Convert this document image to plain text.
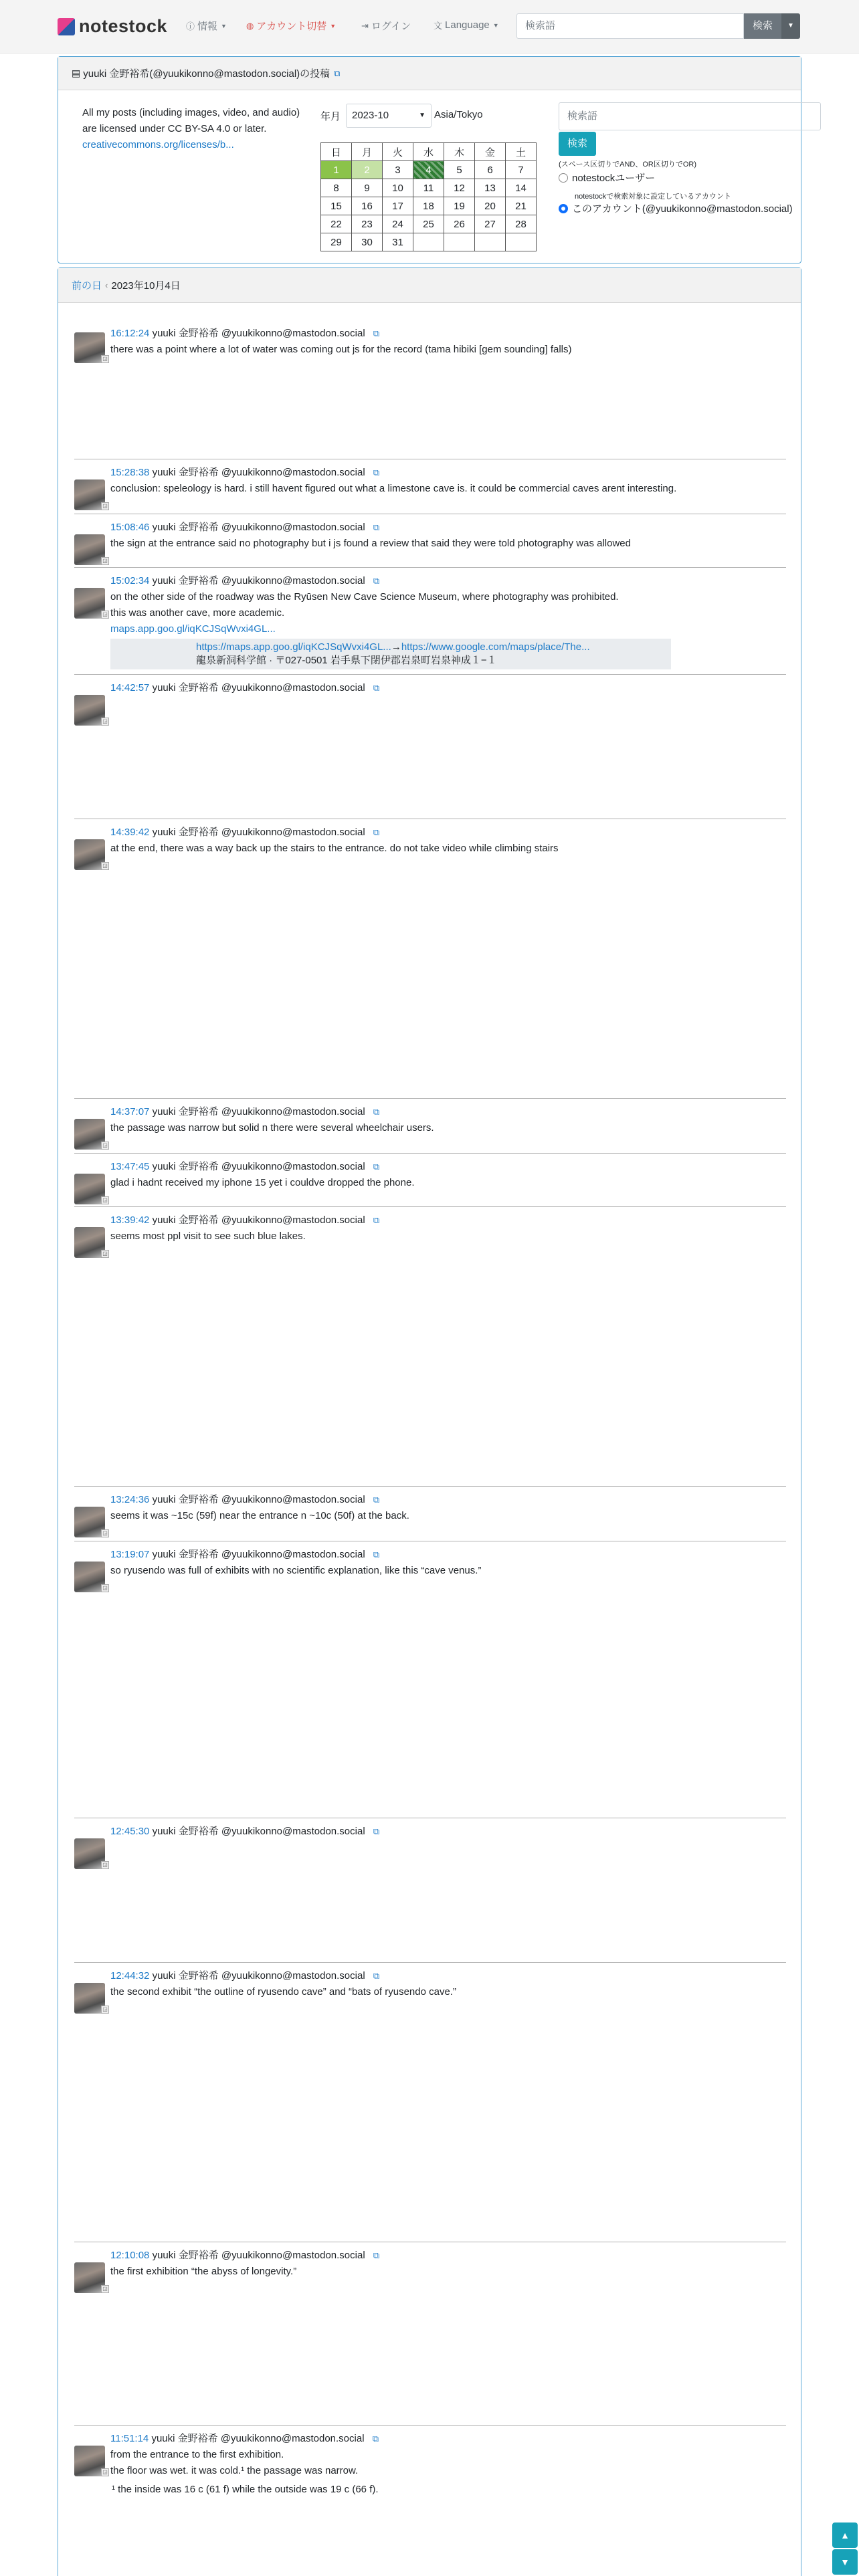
notestock ⓘ 情報 ▼ ◍ アカウント切替 ▼	⇥ ログイン	文 Language ▼	検索語	検索	▼
▤ yuuki 金野裕希(@yuukikonno@mastodon.social)の投稿 ⧉
All my posts (including images, video, and audio) are licensed under CC BY-SA 4.0 or later. creativecommons.org/licenses/b...
年月	2023-10	▼ Asia/Tokyo
日	月	火	水	木	金	土
1	2	3	4	5	6	7
8	9	10	11	12	13	14
15	16	17	18	19	20	21
22	23	24	25	26	27	28
29	30	31				
検索語
検索
(スペース区切りでAND、OR区切りでOR)
notestockユーザー
notestockで検索対象に設定しているアカウント
このアカウント(@yuukikonno@mastodon.social)
前の日 ‹ 2023年10月4日
◲
16:12:24 yuuki 金野裕希 @yuukikonno@mastodon.social ⧉
there was a point where a lot of water was coming out js for the record (tama hibiki [gem sounding] falls)
◲
15:28:38 yuuki 金野裕希 @yuukikonno@mastodon.social ⧉
conclusion: speleology is hard. i still havent figured out what a limestone cave is. it could be commercial caves arent interesting.
◲
15:08:46 yuuki 金野裕希 @yuukikonno@mastodon.social ⧉
the sign at the entrance said no photography but i js found a review that said they were told photography was allowed
◲
15:02:34 yuuki 金野裕希 @yuukikonno@mastodon.social ⧉
on the other side of the roadway was the Ryūsen New Cave Science Museum, where photography was prohibited.
this was another cave, more academic.
maps.app.goo.gl/iqKCJSqWvxi4GL...
https://maps.app.goo.gl/iqKCJSqWvxi4GL...→https://www.google.com/maps/place/The...
龍泉新洞科学館 · 〒027-0501 岩手県下閉伊郡岩泉町岩泉神成１−１
◲
14:42:57 yuuki 金野裕希 @yuukikonno@mastodon.social ⧉
◲
14:39:42 yuuki 金野裕希 @yuukikonno@mastodon.social ⧉
at the end, there was a way back up the stairs to the entrance. do not take video while climbing stairs
◲
14:37:07 yuuki 金野裕希 @yuukikonno@mastodon.social ⧉
the passage was narrow but solid n there were several wheelchair users.
◲
13:47:45 yuuki 金野裕希 @yuukikonno@mastodon.social ⧉
glad i hadnt received my iphone 15 yet i couldve dropped the phone.
◲
13:39:42 yuuki 金野裕希 @yuukikonno@mastodon.social ⧉
seems most ppl visit to see such blue lakes.
◲
13:24:36 yuuki 金野裕希 @yuukikonno@mastodon.social ⧉
seems it was ~15c (59f) near the entrance n ~10c (50f) at the back.
◲
13:19:07 yuuki 金野裕希 @yuukikonno@mastodon.social ⧉
so ryusendo was full of exhibits with no scientific explanation, like this “cave venus.”
◲
12:45:30 yuuki 金野裕希 @yuukikonno@mastodon.social ⧉
◲
12:44:32 yuuki 金野裕希 @yuukikonno@mastodon.social ⧉
the second exhibit “the outline of ryusendo cave” and “bats of ryusendo cave.”
◲
12:10:08 yuuki 金野裕希 @yuukikonno@mastodon.social ⧉
the first exhibition “the abyss of longevity.”
◲
11:51:14 yuuki 金野裕希 @yuukikonno@mastodon.social ⧉
from the entrance to the first exhibition.
the floor was wet. it was cold.¹ the passage was narrow.
¹ the inside was 16 c (61 f) while the outside was 19 c (66 f).
▲
▼
